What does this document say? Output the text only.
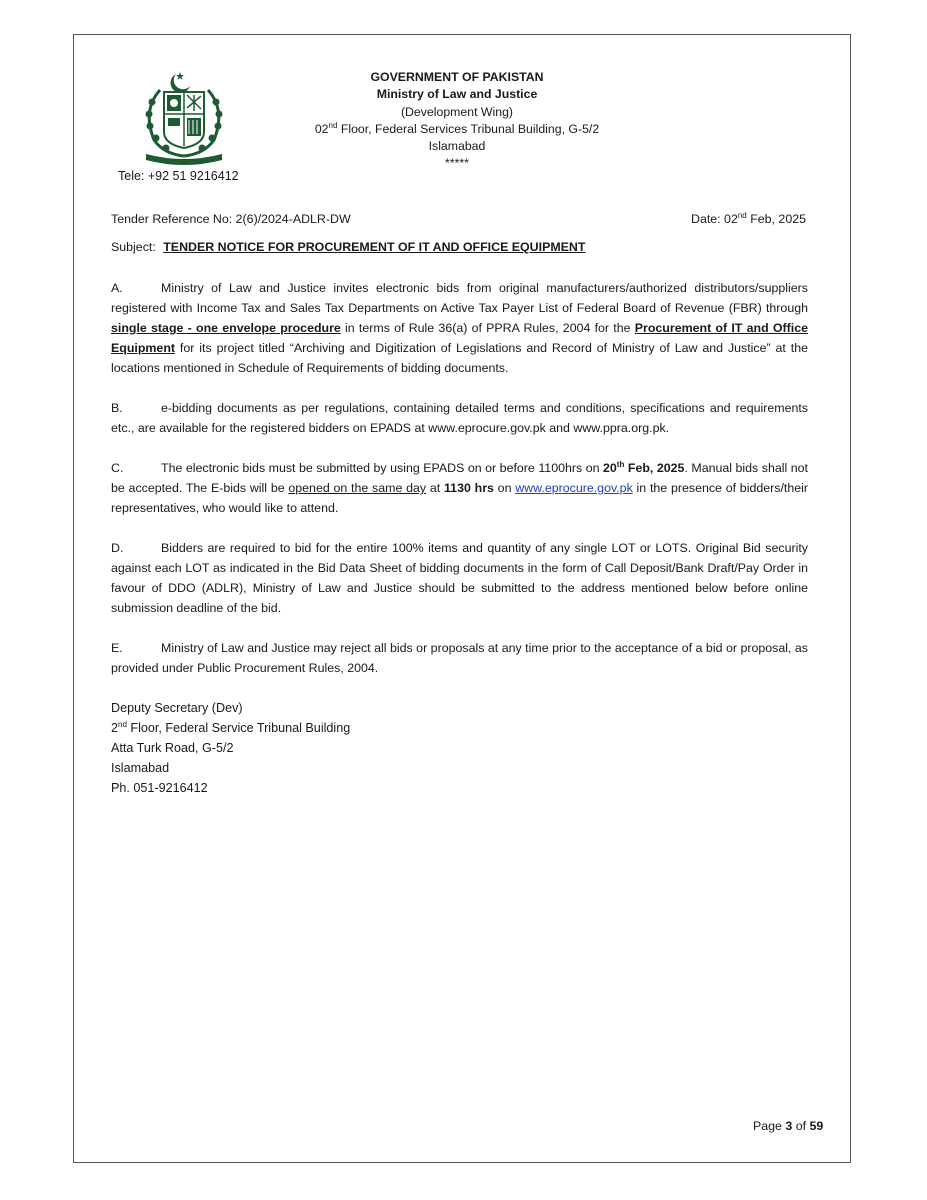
Tele: +92 51 9216412
GOVERNMENT OF PAKISTAN
Ministry of Law and Justice
(Development Wing)
02nd Floor, Federal Services Tribunal Building, G-5/2
Islamabad
*****
Tender Reference No: 2(6)/2024-ADLR-DW	Date: 02nd Feb, 2025
Subject: TENDER NOTICE FOR PROCUREMENT OF IT AND OFFICE EQUIPMENT
A.	Ministry of Law and Justice invites electronic bids from original manufacturers/authorized distributors/suppliers registered with Income Tax and Sales Tax Departments on Active Tax Payer List of Federal Board of Revenue (FBR) through single stage - one envelope procedure in terms of Rule 36(a) of PPRA Rules, 2004 for the Procurement of IT and Office Equipment for its project titled “Archiving and Digitization of Legislations and Record of Ministry of Law and Justice” at the locations mentioned in Schedule of Requirements of bidding documents.
B.	e-bidding documents as per regulations, containing detailed terms and conditions, specifications and requirements etc., are available for the registered bidders on EPADS at www.eprocure.gov.pk and www.ppra.org.pk.
C.	The electronic bids must be submitted by using EPADS on or before 1100hrs on 20th Feb, 2025. Manual bids shall not be accepted. The E-bids will be opened on the same day at 1130 hrs on www.eprocure.gov.pk in the presence of bidders/their representatives, who would like to attend.
D.	Bidders are required to bid for the entire 100% items and quantity of any single LOT or LOTS. Original Bid security against each LOT as indicated in the Bid Data Sheet of bidding documents in the form of Call Deposit/Bank Draft/Pay Order in favour of DDO (ADLR), Ministry of Law and Justice should be submitted to the address mentioned below before online submission deadline of the bid.
E.	Ministry of Law and Justice may reject all bids or proposals at any time prior to the acceptance of a bid or proposal, as provided under Public Procurement Rules, 2004.
Deputy Secretary (Dev)
2nd Floor, Federal Service Tribunal Building
Atta Turk Road, G-5/2
Islamabad
Ph. 051-9216412
Page 3 of 59
